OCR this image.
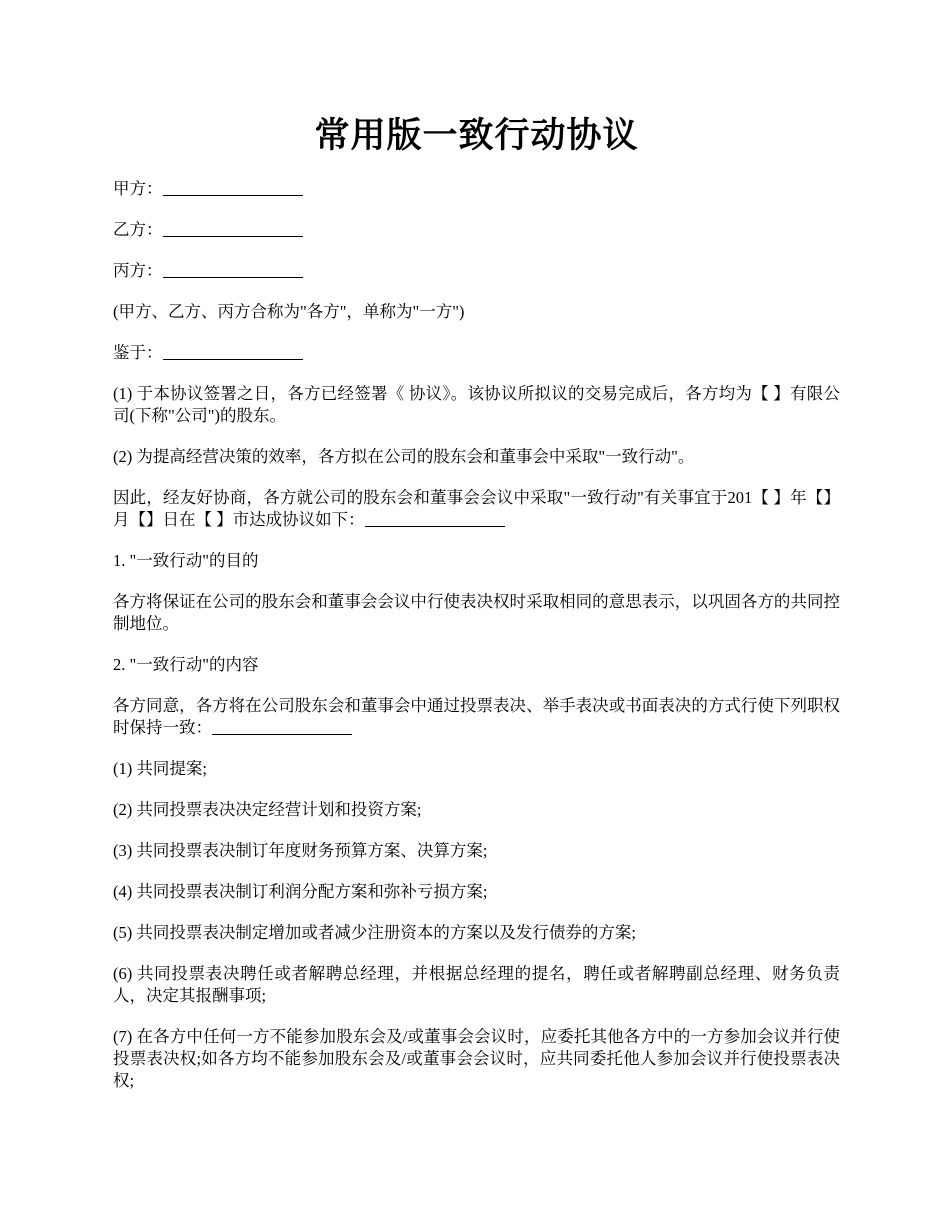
常用版一致行动协议

甲方：

乙方：

丙方：

(甲方、乙方、丙方合称为"各方"，单称为"一方")

鉴于：

(1) 于本协议签署之日，各方已经签署《 协议》。该协议所拟议的交易完成后，各方均为【 】有限公司(下称"公司")的股东。

(2) 为提高经营决策的效率，各方拟在公司的股东会和董事会中采取"一致行动"。

因此，经友好协商，各方就公司的股东会和董事会会议中采取"一致行动"有关事宜于201【 】年【】月【】日在【 】市达成协议如下：

1. "一致行动"的目的

各方将保证在公司的股东会和董事会会议中行使表决权时采取相同的意思表示，以巩固各方的共同控制地位。

2. "一致行动"的内容

各方同意，各方将在公司股东会和董事会中通过投票表决、举手表决或书面表决的方式行使下列职权时保持一致：

(1) 共同提案;

(2) 共同投票表决决定经营计划和投资方案;

(3) 共同投票表决制订年度财务预算方案、决算方案;

(4) 共同投票表决制订利润分配方案和弥补亏损方案;

(5) 共同投票表决制定增加或者减少注册资本的方案以及发行债券的方案;

(6) 共同投票表决聘任或者解聘总经理，并根据总经理的提名，聘任或者解聘副总经理、财务负责人，决定其报酬事项;

(7) 在各方中任何一方不能参加股东会及/或董事会会议时，应委托其他各方中的一方参加会议并行使投票表决权;如各方均不能参加股东会及/或董事会会议时，应共同委托他人参加会议并行使投票表决权;
